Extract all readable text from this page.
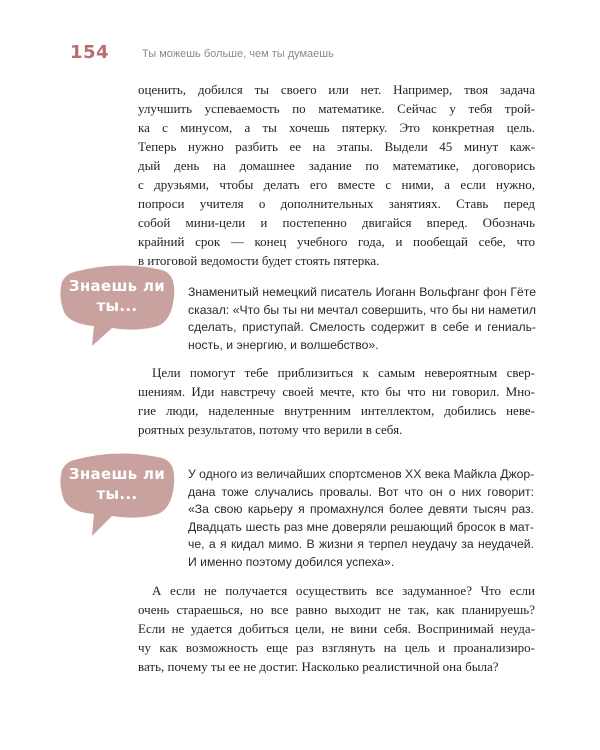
154	Ты можешь больше, чем ты думаешь
оценить, добился ты своего или нет. Например, твоя задача
улучшить успеваемость по математике. Сейчас у тебя трой-
ка с минусом, а ты хочешь пятерку. Это конкретная цель.
Теперь нужно разбить ее на этапы. Выдели 45 минут каж-
дый день на домашнее задание по математике, договорись
с друзьями, чтобы делать его вместе с ними, а если нужно,
попроси учителя о дополнительных занятиях. Ставь перед
собой мини-цели и постепенно двигайся вперед. Обозначь
крайний срок — конец учебного года, и пообещай себе, что
в итоговой ведомости будет стоять пятерка.
Знаешь ли
ты...
Знаменитый немецкий писатель Иоганн Вольфганг фон Гёте
сказал: «Что бы ты ни мечтал совершить, что бы ни наметил
сделать, приступай. Смелость содержит в себе и гениаль-
ность, и энергию, и волшебство».
Цели помогут тебе приблизиться к самым невероятным свер-
шениям. Иди навстречу своей мечте, кто бы что ни говорил. Мно-
гие люди, наделенные внутренним интеллектом, добились неве-
роятных результатов, потому что верили в себя.
Знаешь ли
ты...
У одного из величайших спортсменов XX века Майкла Джор-
дана тоже случались провалы. Вот что он о них говорит:
«За свою карьеру я промахнулся более девяти тысяч раз.
Двадцать шесть раз мне доверяли решающий бросок в мат-
че, а я кидал мимо. В жизни я терпел неудачу за неудачей.
И именно поэтому добился успеха».
А если не получается осуществить все задуманное? Что если
очень стараешься, но все равно выходит не так, как планируешь?
Если не удается добиться цели, не вини себя. Воспринимай неуда-
чу как возможность еще раз взглянуть на цель и проанализиро-
вать, почему ты ее не достиг. Насколько реалистичной она была?
